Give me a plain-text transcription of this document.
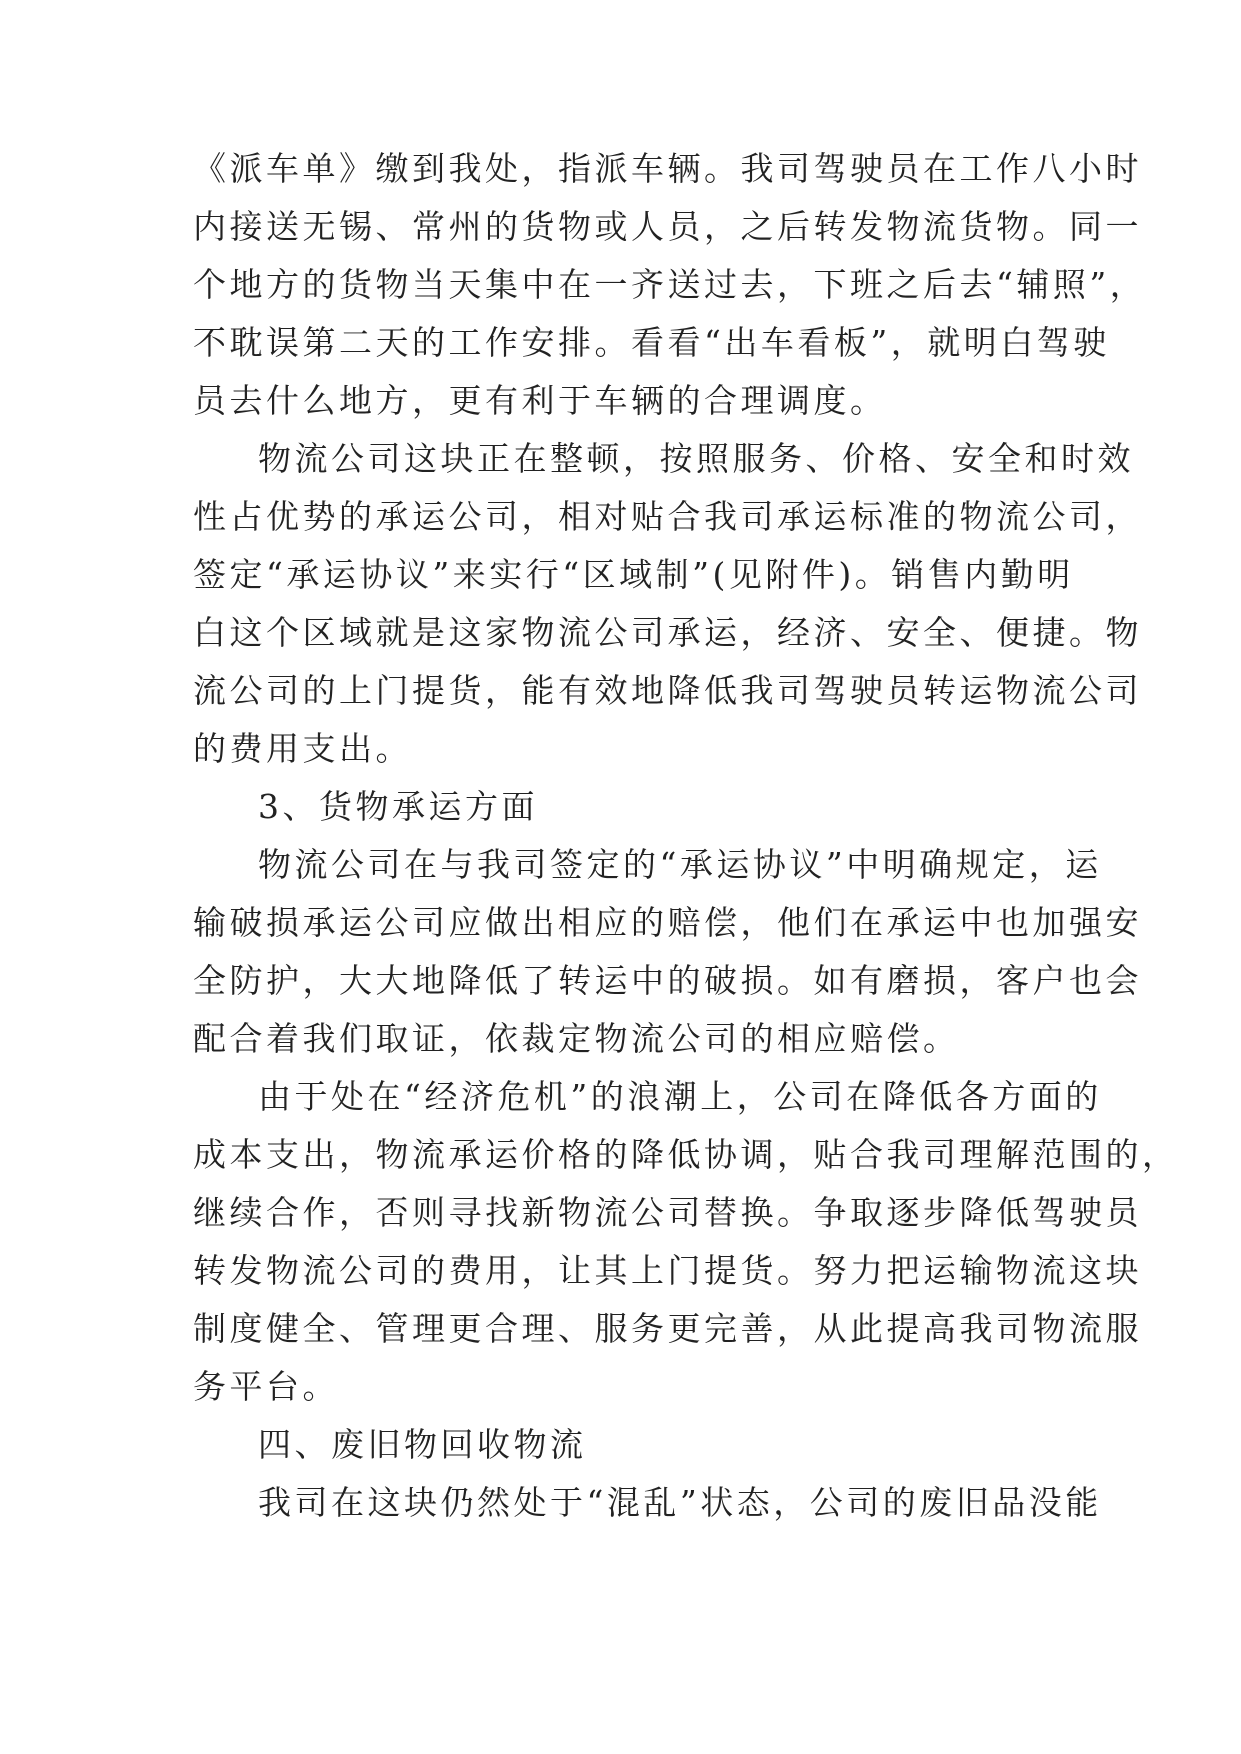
《派车单》缴到我处，指派车辆。我司驾驶员在工作八小时
内接送无锡、常州的货物或人员，之后转发物流货物。同一
个地方的货物当天集中在一齐送过去，下班之后去“辅照”，
不耽误第二天的工作安排。看看“出车看板”，就明白驾驶
员去什么地方，更有利于车辆的合理调度。
物流公司这块正在整顿，按照服务、价格、安全和时效
性占优势的承运公司，相对贴合我司承运标准的物流公司，
签定“承运协议”来实行“区域制”(见附件)。销售内勤明
白这个区域就是这家物流公司承运，经济、安全、便捷。物
流公司的上门提货，能有效地降低我司驾驶员转运物流公司
的费用支出。
3、货物承运方面
物流公司在与我司签定的“承运协议”中明确规定，运
输破损承运公司应做出相应的赔偿，他们在承运中也加强安
全防护，大大地降低了转运中的破损。如有磨损，客户也会
配合着我们取证，依裁定物流公司的相应赔偿。
由于处在“经济危机”的浪潮上，公司在降低各方面的
成本支出，物流承运价格的降低协调，贴合我司理解范围的，
继续合作，否则寻找新物流公司替换。争取逐步降低驾驶员
转发物流公司的费用，让其上门提货。努力把运输物流这块
制度健全、管理更合理、服务更完善，从此提高我司物流服
务平台。
四、废旧物回收物流
我司在这块仍然处于“混乱”状态，公司的废旧品没能
